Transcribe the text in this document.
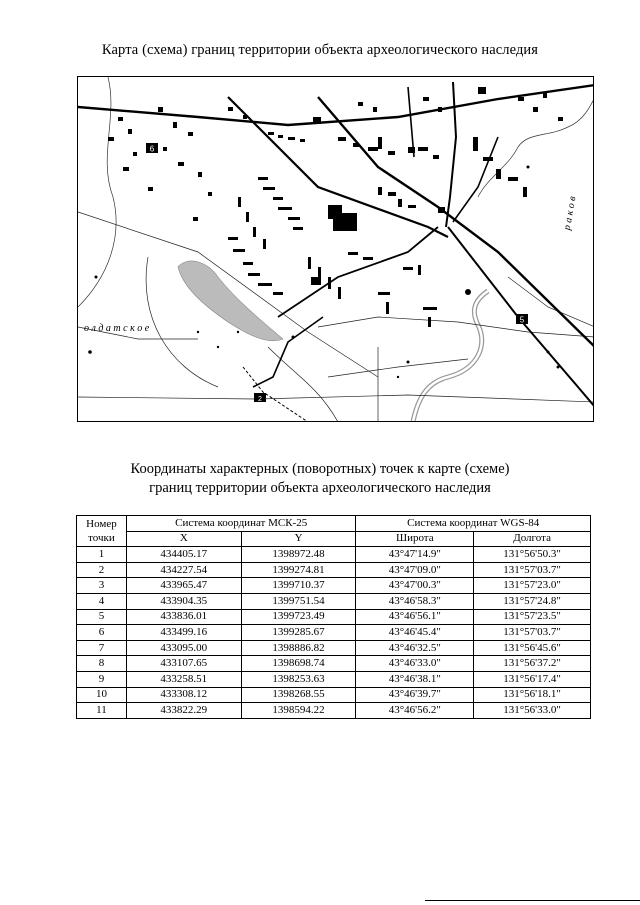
Карта (схема) границ территории объекта археологического наследия
о л д а т с к о е
р а к о в
6
5
2
Координаты характерных (поворотных) точек к карте (схеме)
границ территории объекта археологического наследия
Номер точки	Система координат МСК-25		Система координат WGS-84	
	X	Y	Широта	Долгота
1	434405.17	1398972.48	43°47'14.9"	131°56'50.3"
2	434227.54	1399274.81	43°47'09.0"	131°57'03.7"
3	433965.47	1399710.37	43°47'00.3"	131°57'23.0"
4	433904.35	1399751.54	43°46'58.3"	131°57'24.8"
5	433836.01	1399723.49	43°46'56.1"	131°57'23.5"
6	433499.16	1399285.67	43°46'45.4"	131°57'03.7"
7	433095.00	1398886.82	43°46'32.5"	131°56'45.6"
8	433107.65	1398698.74	43°46'33.0"	131°56'37.2"
9	433258.51	1398253.63	43°46'38.1"	131°56'17.4"
10	433308.12	1398268.55	43°46'39.7"	131°56'18.1"
11	433822.29	1398594.22	43°46'56.2"	131°56'33.0"
